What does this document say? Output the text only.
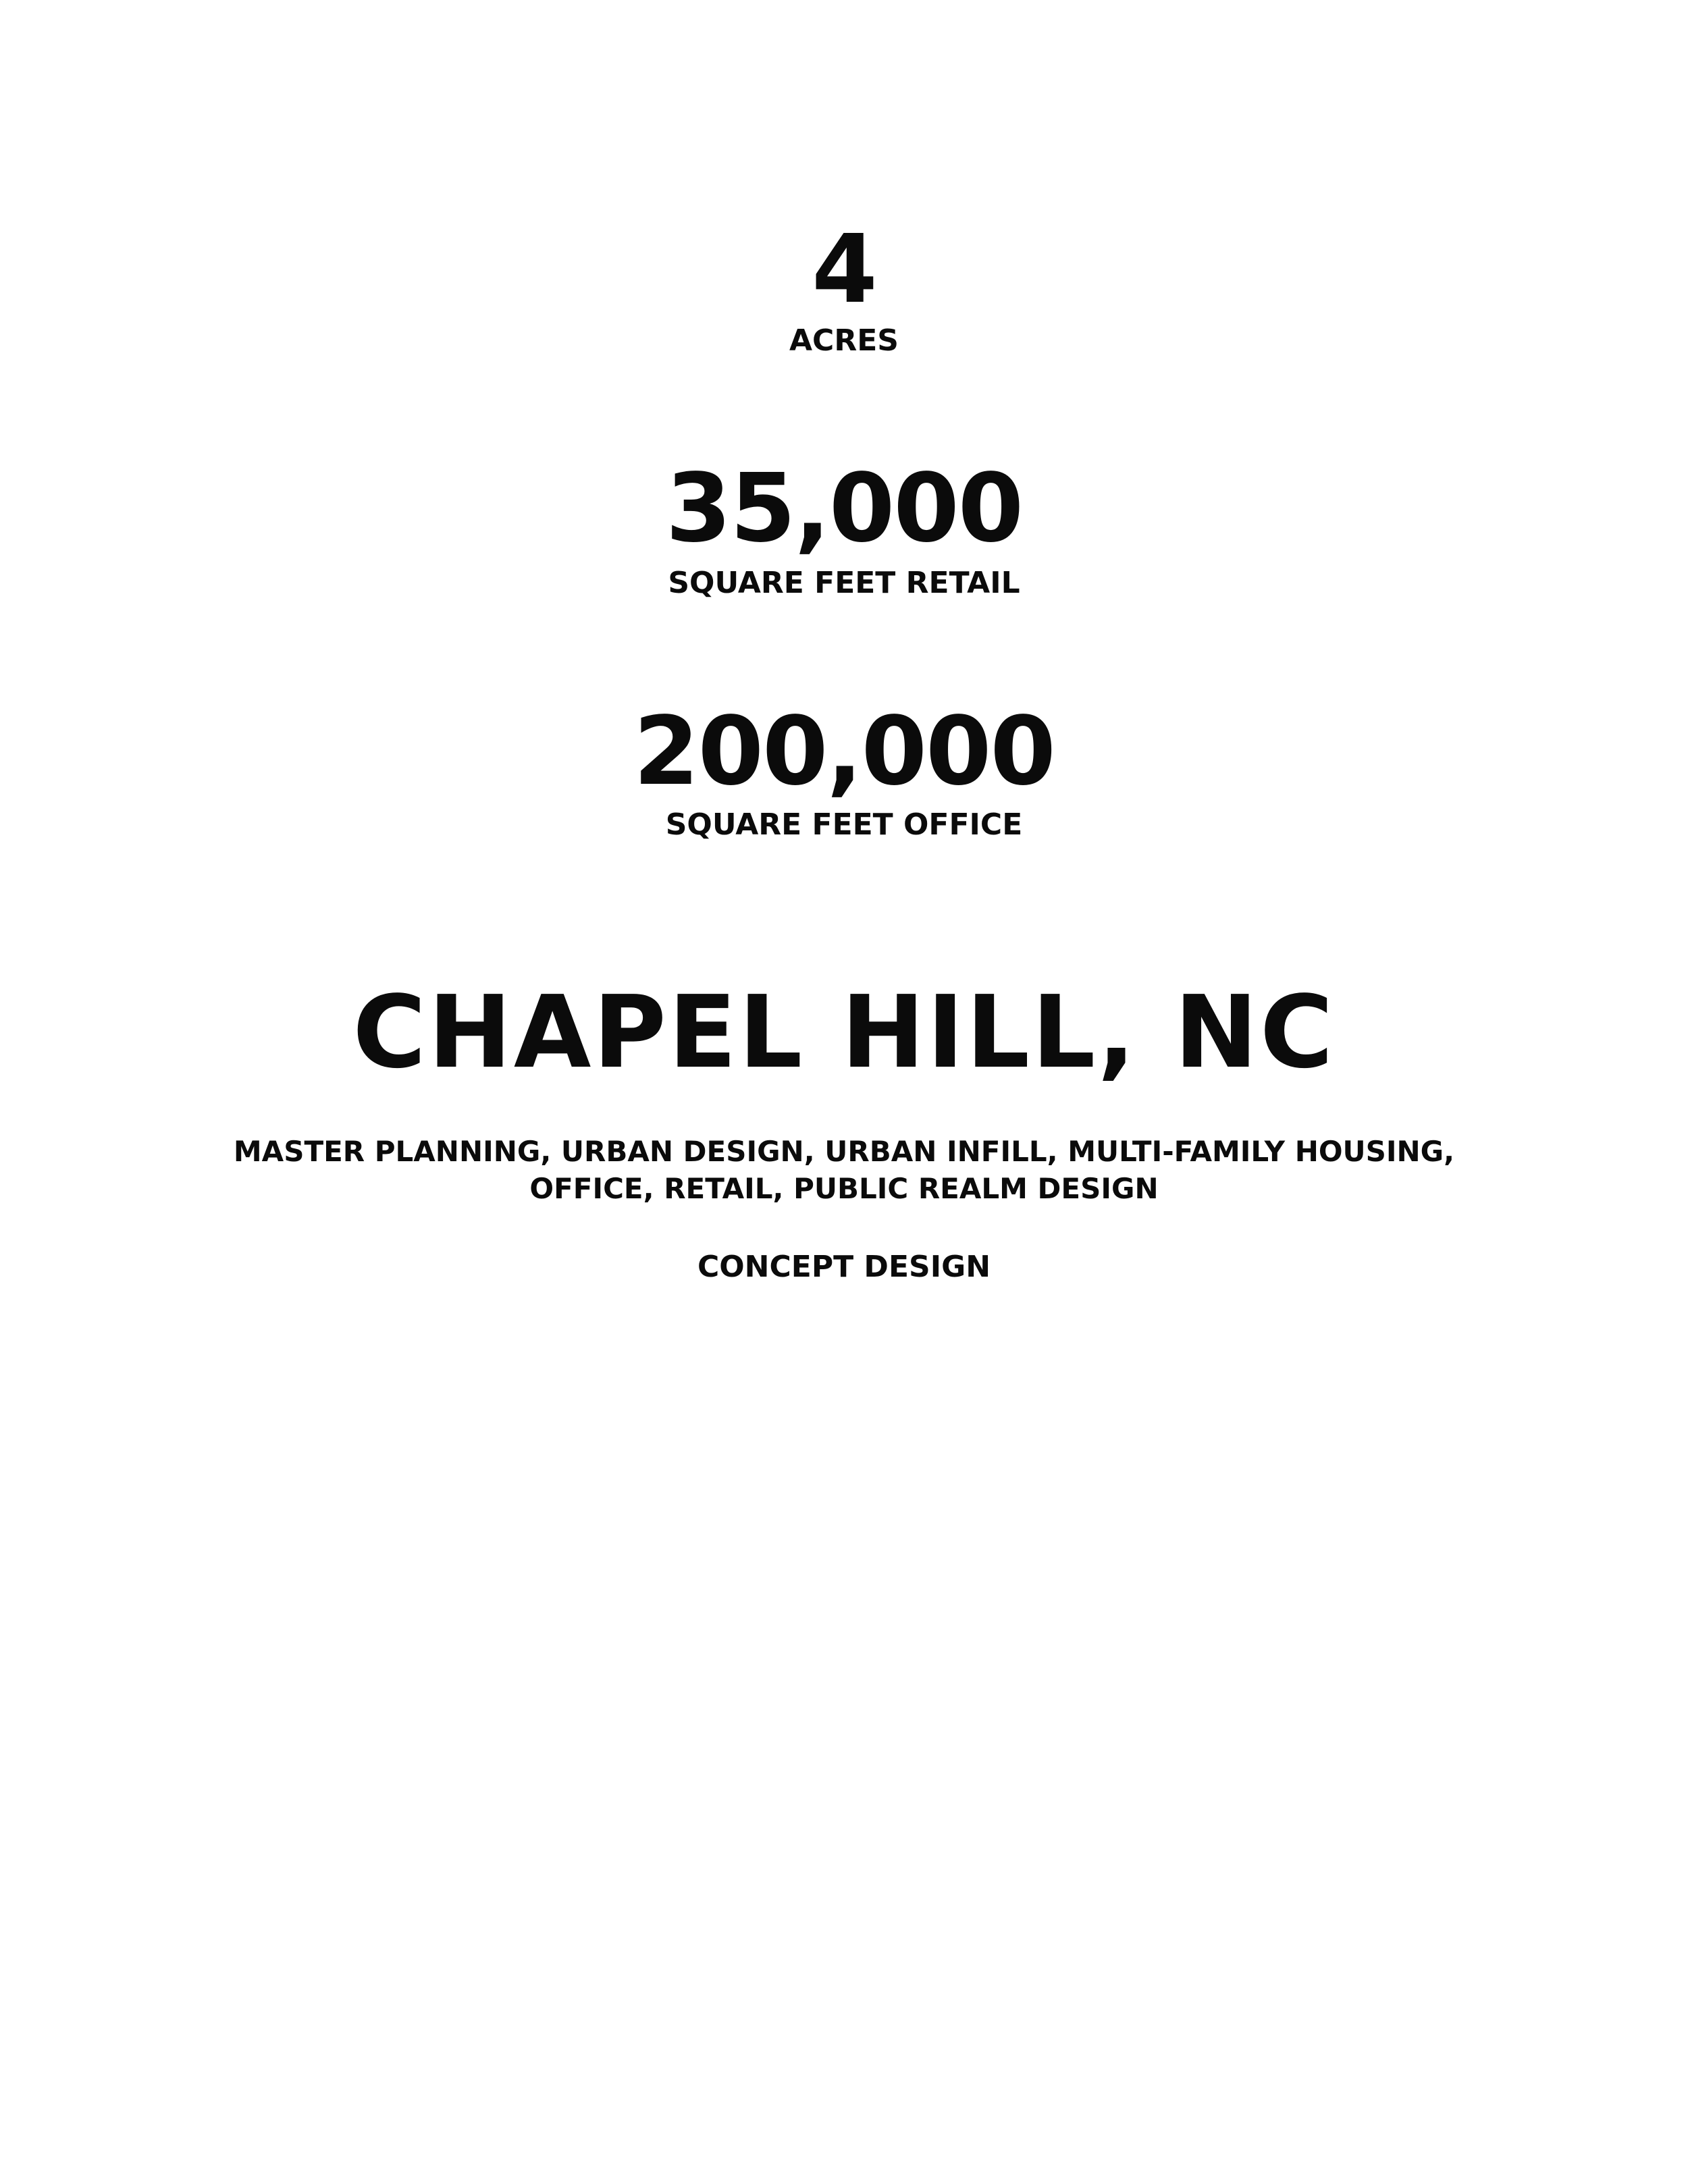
4
ACRES
35,000
SQUARE FEET RETAIL
200,000
SQUARE FEET OFFICE
CHAPEL HILL, NC
MASTER PLANNING, URBAN DESIGN, URBAN INFILL, MULTI-FAMILY HOUSING,
OFFICE, RETAIL, PUBLIC REALM DESIGN
CONCEPT DESIGN
